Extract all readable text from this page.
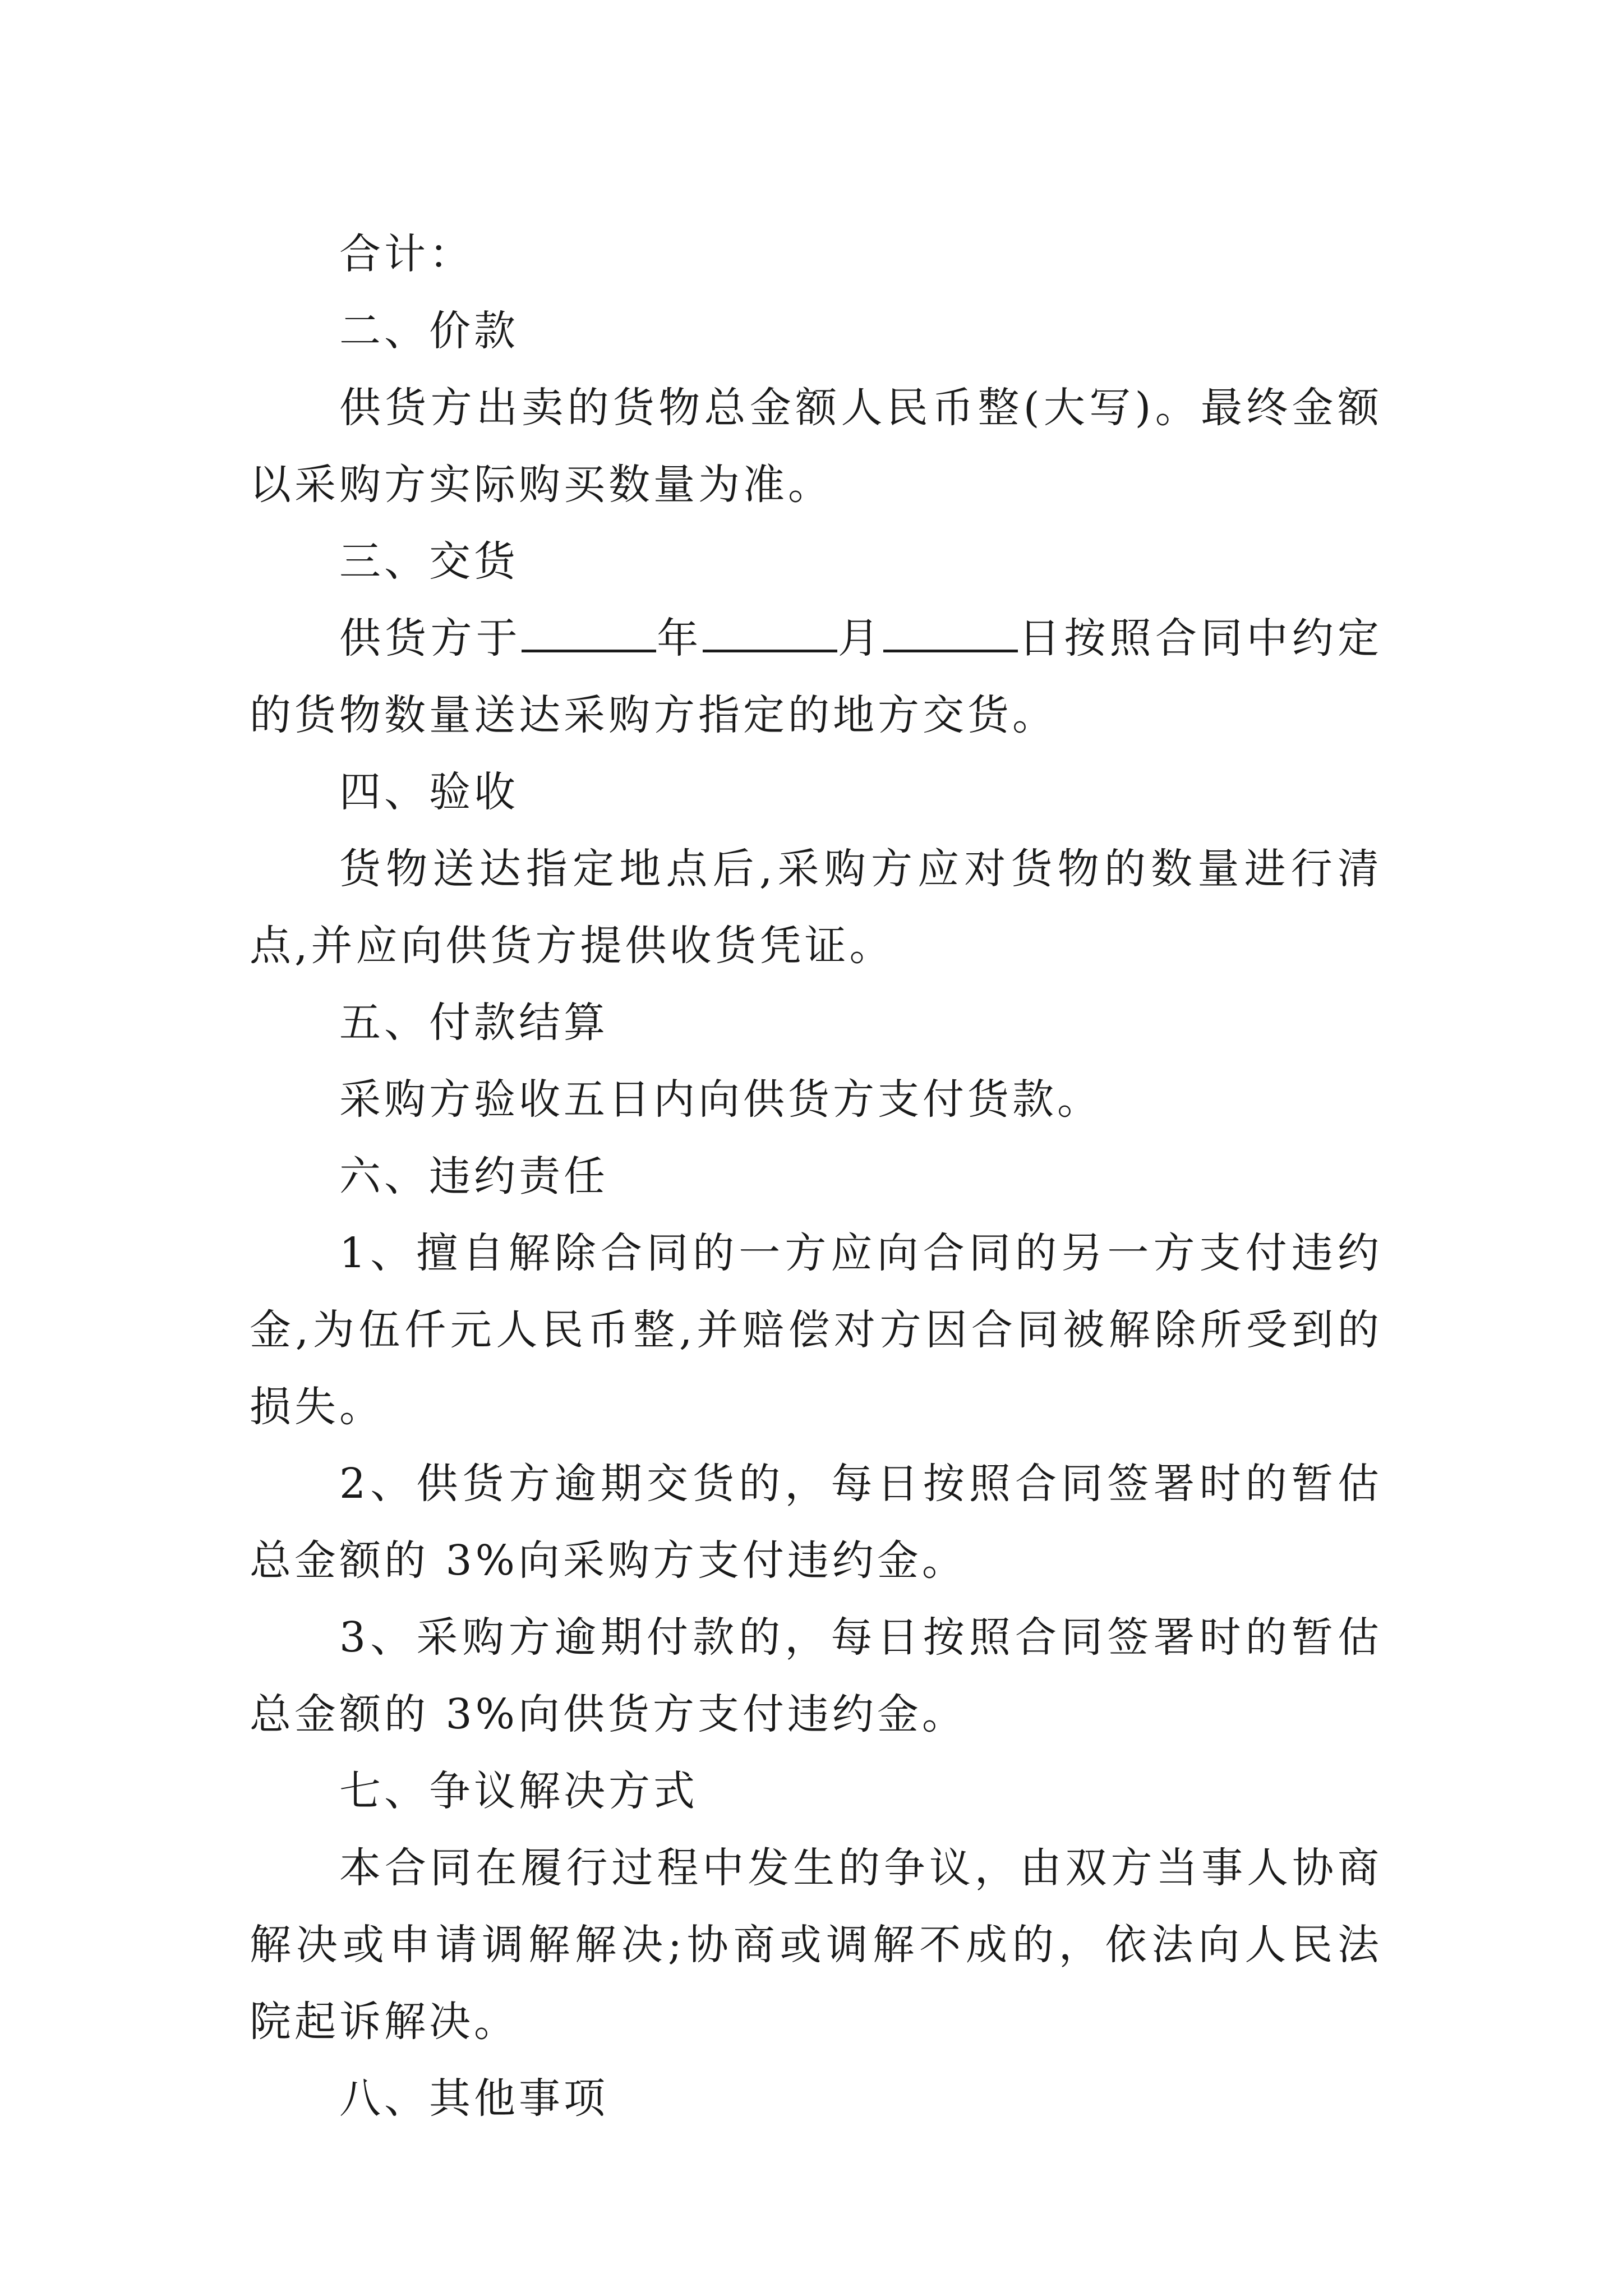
合计：

二、价款

供货方出卖的货物总金额人民币整(大写)。最终金额以采购方实际购买数量为准。

三、交货

供货方于	年	月	日按照合同中约定的货物数量送达采购方指定的地方交货。

四、验收

货物送达指定地点后,采购方应对货物的数量进行清点,并应向供货方提供收货凭证。

五、付款结算

采购方验收五日内向供货方支付货款。

六、违约责任

1、擅自解除合同的一方应向合同的另一方支付违约金,为伍仟元人民币整,并赔偿对方因合同被解除所受到的损失。

2、供货方逾期交货的，每日按照合同签署时的暂估总金额的 3%向采购方支付违约金。

3、采购方逾期付款的，每日按照合同签署时的暂估总金额的 3%向供货方支付违约金。

七、争议解决方式

本合同在履行过程中发生的争议，由双方当事人协商解决或申请调解解决;协商或调解不成的，依法向人民法院起诉解决。

八、其他事项
